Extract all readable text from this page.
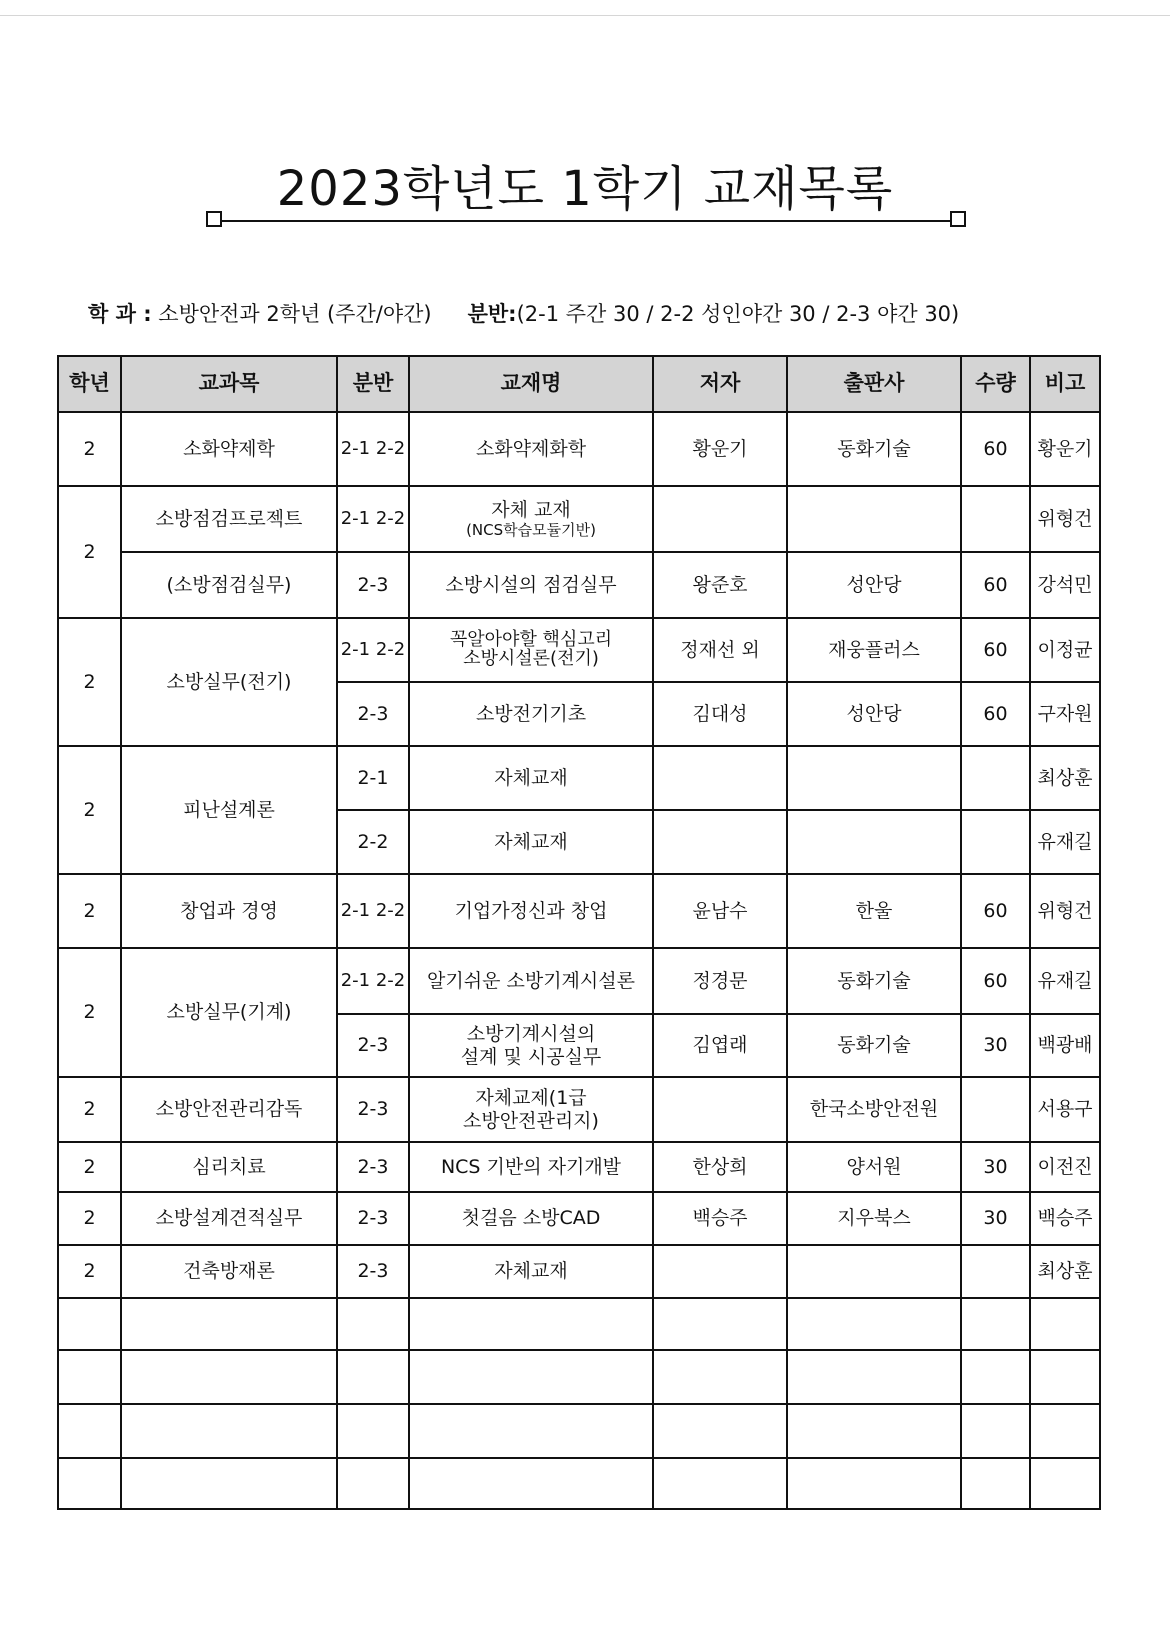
2023학년도 1학기 교재목록
학 과 : 소방안전과 2학년 (주간/야간) 분반:(2-1 주간 30 / 2-2 성인야간 30 / 2-3 야간 30)
학년	교과목	분반	교재명	저자	출판사	수량	비고
2	소화약제학	2-1 2-2	소화약제화학	황운기	동화기술	60	황운기
2	소방점검프로젝트	2-1 2-2	자체 교재
(NCS학습모듈기반)				위형건
	(소방점검실무)	2-3	소방시설의 점검실무	왕준호	성안당	60	강석민
2	소방실무(전기)	2-1 2-2	꼭알아야할 핵심고리
소방시설론(전기)	정재선 외	재웅플러스	60	이정균
		2-3	소방전기기초	김대성	성안당	60	구자원
2	피난설계론	2-1	자체교재				최상훈
		2-2	자체교재				유재길
2	창업과 경영	2-1 2-2	기업가정신과 창업	윤남수	한울	60	위형건
2	소방실무(기계)	2-1 2-2	알기쉬운 소방기계시설론	정경문	동화기술	60	유재길
		2-3	소방기계시설의
설계 및 시공실무	김엽래	동화기술	30	백광배
2	소방안전관리감독	2-3	자체교제(1급
소방안전관리지)		한국소방안전원		서용구
2	심리치료	2-3	NCS 기반의 자기개발	한상희	양서원	30	이전진
2	소방설계견적실무	2-3	첫걸음 소방CAD	백승주	지우북스	30	백승주
2	건축방재론	2-3	자체교재				최상훈
